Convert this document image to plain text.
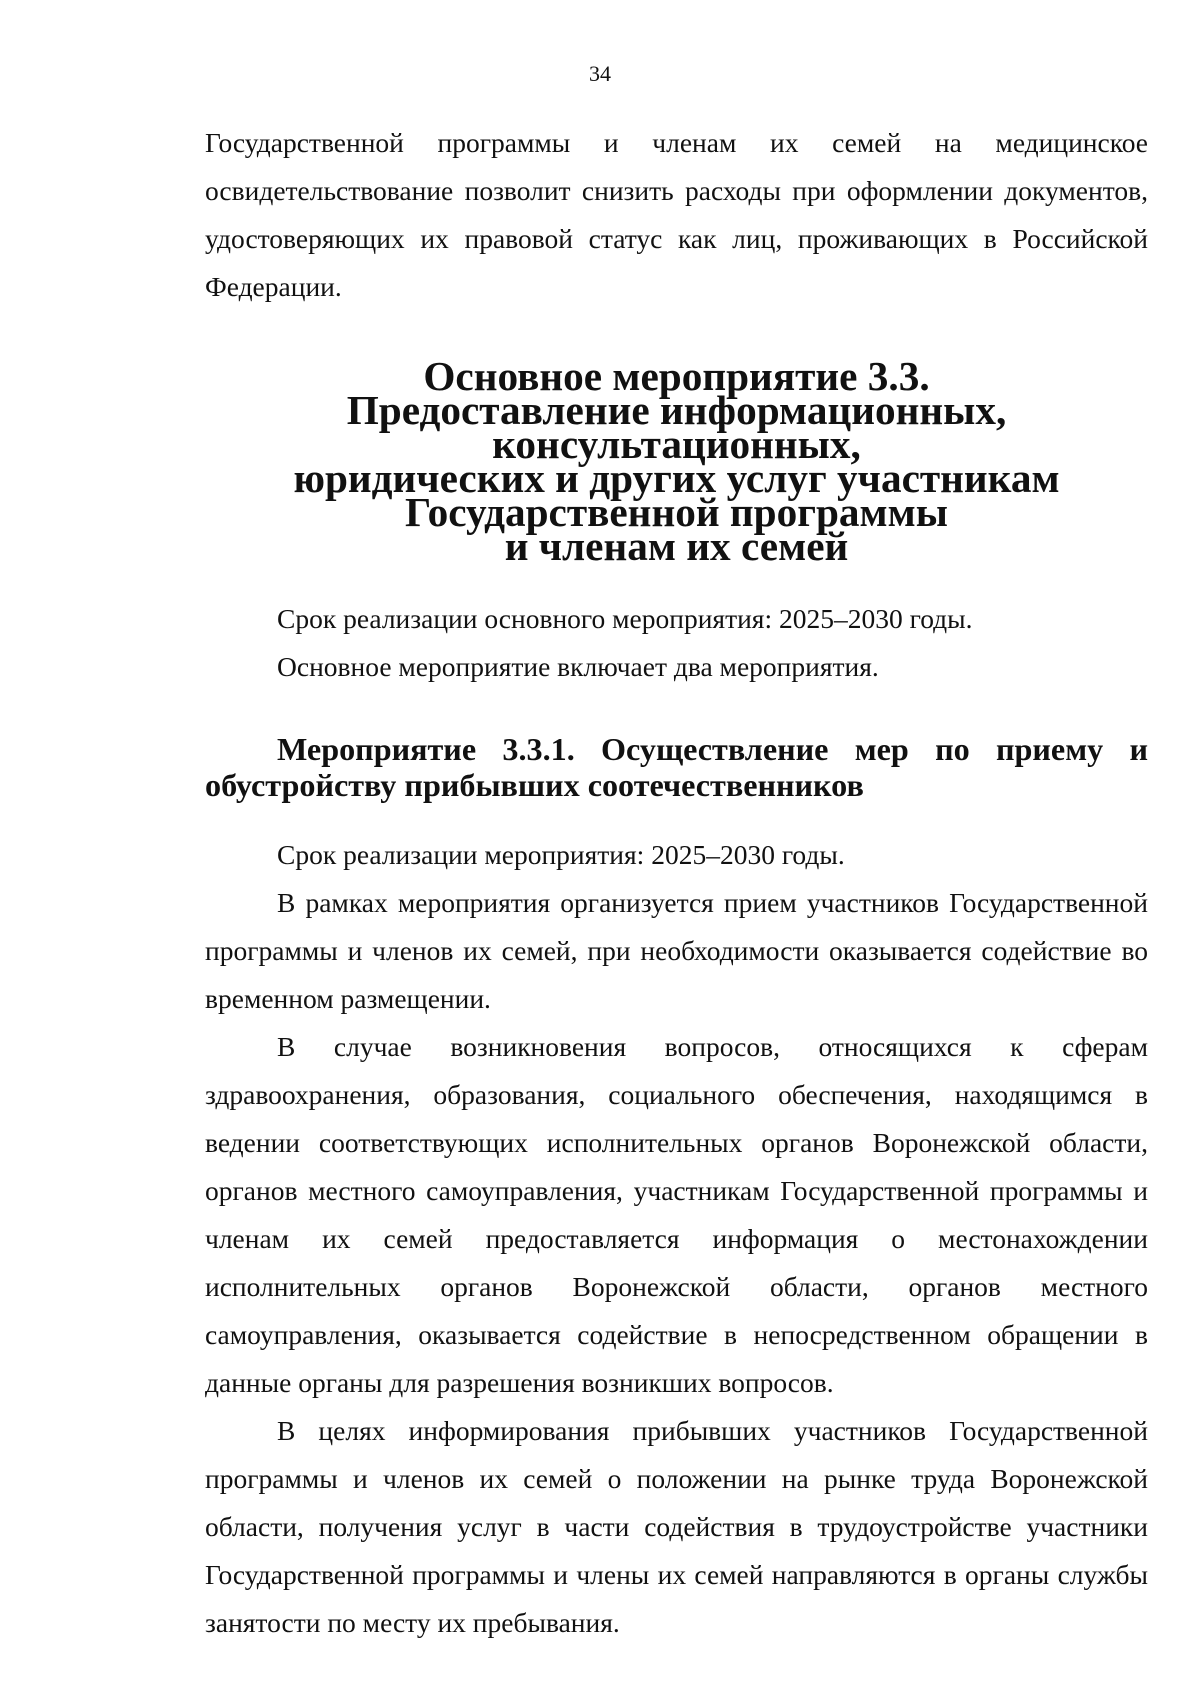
34

Государственной программы и членам их семей на медицинское освидетельствование позволит снизить расходы при оформлении документов, удостоверяющих их правовой статус как лиц, проживающих в Российской Федерации.

Основное мероприятие 3.3.
Предоставление информационных, консультационных,
юридических и других услуг участникам Государственной программы
и членам их семей

Срок реализации основного мероприятия: 2025–2030 годы.

Основное мероприятие включает два мероприятия.

Мероприятие 3.3.1. Осуществление мер по приему и обустройству прибывших соотечественников

Срок реализации мероприятия: 2025–2030 годы.

В рамках мероприятия организуется прием участников Государственной программы и членов их семей, при необходимости оказывается содействие во временном размещении.

В случае возникновения вопросов, относящихся к сферам здравоохранения, образования, социального обеспечения, находящимся в ведении соответствующих исполнительных органов Воронежской области, органов местного самоуправления, участникам Государственной программы и членам их семей предоставляется информация о местонахождении исполнительных органов Воронежской области, органов местного самоуправления, оказывается содействие в непосредственном обращении в данные органы для разрешения возникших вопросов.

В целях информирования прибывших участников Государственной программы и членов их семей о положении на рынке труда Воронежской области, получения услуг в части содействия в трудоустройстве участники Государственной программы и члены их семей направляются в органы службы занятости по месту их пребывания.
